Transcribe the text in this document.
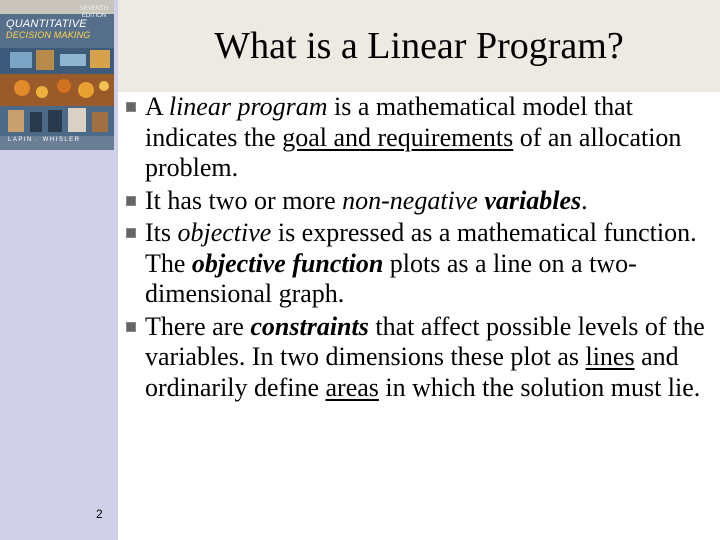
SEVENTH
EDITION
QUANTITATIVE
DECISION MAKING
LAPIN · WHISLER
What is a Linear Program?
A linear program is a mathematical model that indicates the goal and requirements of an allocation problem.
It has two or more non-negative variables.
Its objective is expressed as a mathematical function. The objective function plots as a line on a two-dimensional graph.
There are constraints that affect possible levels of the variables. In two dimensions these plot as lines and ordinarily define areas in which the solution must lie.
2
